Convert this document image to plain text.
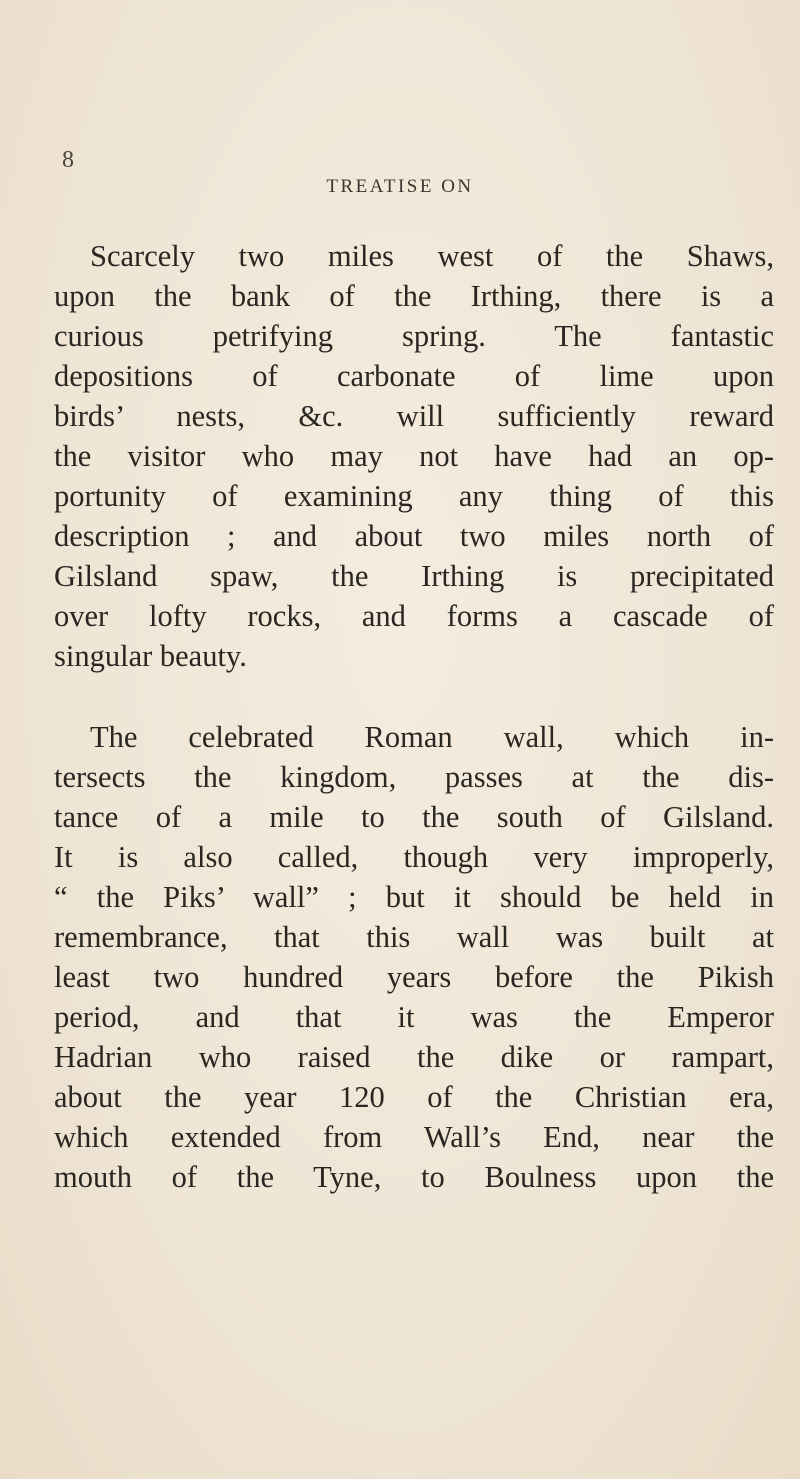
8
TREATISE ON
Scarcely two miles west of the Shaws,
upon the bank of the Irthing, there is a
curious petrifying spring. The fantastic
depositions of carbonate of lime upon
birds’ nests, &c. will sufficiently reward
the visitor who may not have had an op-
portunity of examining any thing of this
description ; and about two miles north of
Gilsland spaw, the Irthing is precipitated
over lofty rocks, and forms a cascade of
singular beauty.
The celebrated Roman wall, which in-
tersects the kingdom, passes at the dis-
tance of a mile to the south of Gilsland.
It is also called, though very improperly,
“ the Piks’ wall” ; but it should be held in
remembrance, that this wall was built at
least two hundred years before the Pikish
period, and that it was the Emperor
Hadrian who raised the dike or rampart,
about the year 120 of the Christian era,
which extended from Wall’s End, near the
mouth of the Tyne, to Boulness upon the
